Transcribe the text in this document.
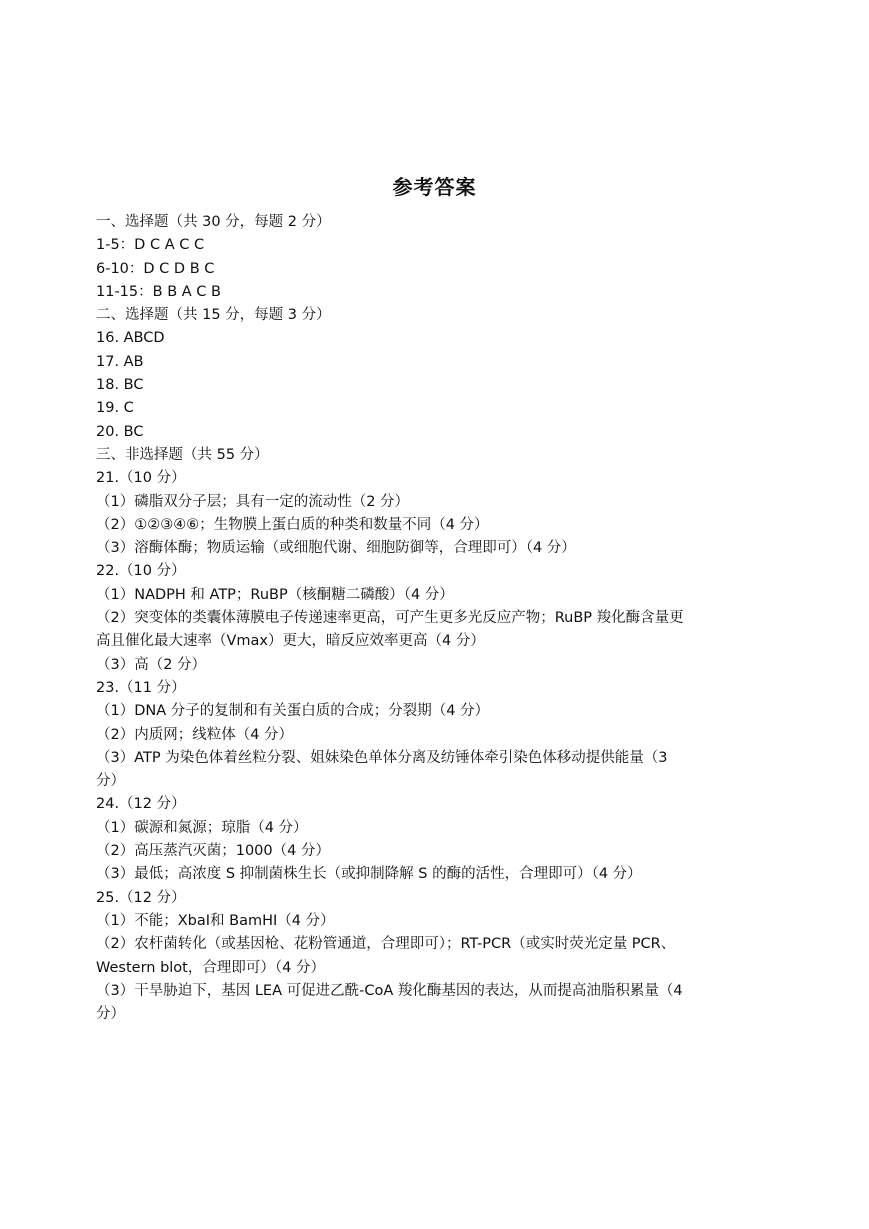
参考答案
一、选择题（共 30 分，每题 2 分）
1-5：D C A C C
6-10：D C D B C
11-15：B B A C B
二、选择题（共 15 分，每题 3 分）
16. ABCD
17. AB
18. BC
19. C
20. BC
三、非选择题（共 55 分）
21.（10 分）
（1）磷脂双分子层；具有一定的流动性（2 分）
（2）①②③④⑥；生物膜上蛋白质的种类和数量不同（4 分）
（3）溶酶体酶；物质运输（或细胞代谢、细胞防御等，合理即可）（4 分）
22.（10 分）
（1）NADPH 和 ATP；RuBP（核酮糖二磷酸）（4 分）
（2）突变体的类囊体薄膜电子传递速率更高，可产生更多光反应产物；RuBP 羧化酶含量更
高且催化最大速率（Vmax）更大，暗反应效率更高（4 分）
（3）高（2 分）
23.（11 分）
（1）DNA 分子的复制和有关蛋白质的合成；分裂期（4 分）
（2）内质网；线粒体（4 分）
（3）ATP 为染色体着丝粒分裂、姐妹染色单体分离及纺锤体牵引染色体移动提供能量（3
分）
24.（12 分）
（1）碳源和氮源；琼脂（4 分）
（2）高压蒸汽灭菌；1000（4 分）
（3）最低；高浓度 S 抑制菌株生长（或抑制降解 S 的酶的活性，合理即可）（4 分）
25.（12 分）
（1）不能；XbaⅠ和 BamHⅠ（4 分）
（2）农杆菌转化（或基因枪、花粉管通道，合理即可）；RT-PCR（或实时荧光定量 PCR、
Western blot，合理即可）（4 分）
（3）干旱胁迫下，基因 LEA 可促进乙酰-CoA 羧化酶基因的表达，从而提高油脂积累量（4
分）
